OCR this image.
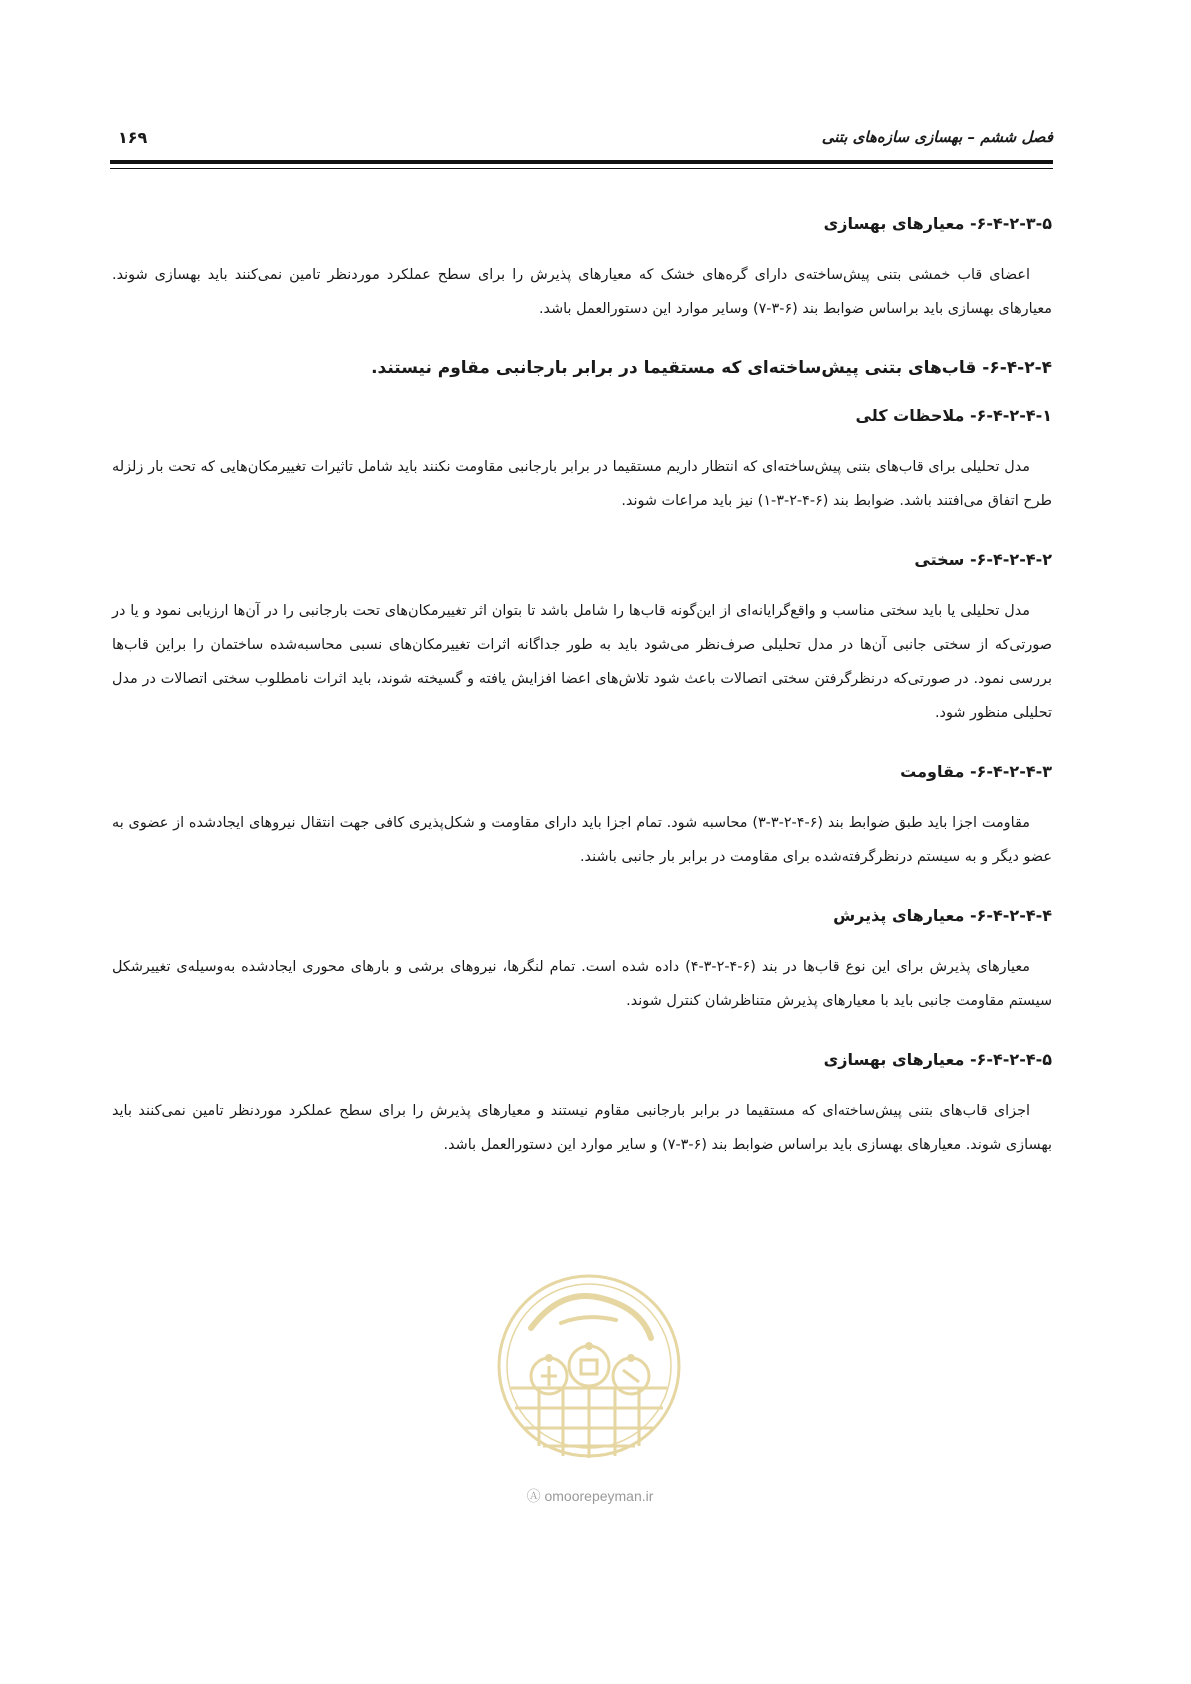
فصل ششم – بهسازی سازه‌های بتنی
۱۶۹
۶-۴-۲-۳-۵- معیارهای بهسازی

اعضای قاب خمشی بتنی پیش‌ساخته‌ی دارای گره‌های خشک که معیارهای پذیرش را برای سطح عملکرد موردنظر تامین نمی‌کنند باید بهسازی شوند. معیارهای بهسازی باید براساس ضوابط بند (۶-۳-۷) وسایر موارد این دستورالعمل باشد.

۶-۴-۲-۴- قاب‌های بتنی پیش‌ساخته‌ای که مستقیما در برابر بارجانبی مقاوم نیستند.
۶-۴-۲-۴-۱- ملاحظات کلی

مدل تحلیلی برای قاب‌های بتنی پیش‌ساخته‌ای که انتظار داریم مستقیما در برابر بارجانبی مقاومت نکنند باید شامل تاثیرات تغییرمکان‌هایی که تحت بار زلزله طرح اتفاق می‌افتند باشد. ضوابط بند (۶-۴-۲-۳-۱) نیز باید مراعات شوند.

۶-۴-۲-۴-۲- سختی

مدل تحلیلی یا باید سختی مناسب و واقع‌گرایانه‌ای از این‌گونه قاب‌ها را شامل باشد تا بتوان اثر تغییرمکان‌های تحت بارجانبی را در آن‌ها ارزیابی نمود و یا در صورتی‌که از سختی جانبی آن‌ها در مدل تحلیلی صرف‌نظر می‌شود باید به طور جداگانه اثرات تغییرمکان‌های نسبی محاسبه‌شده ساختمان را براین قاب‌ها بررسی نمود. در صورتی‌که درنظرگرفتن سختی اتصالات باعث شود تلاش‌های اعضا افزایش یافته و گسیخته شوند، باید اثرات نامطلوب سختی اتصالات در مدل تحلیلی منظور شود.

۶-۴-۲-۴-۳- مقاومت

مقاومت اجزا باید طبق ضوابط بند (۶-۴-۲-۳-۳) محاسبه شود. تمام اجزا باید دارای مقاومت و شکل‌پذیری کافی جهت انتقال نیروهای ایجادشده از عضوی به عضو دیگر و به سیستم درنظرگرفته‌شده برای مقاومت در برابر بار جانبی باشند.

۶-۴-۲-۴-۴- معیارهای پذیرش

معیارهای پذیرش برای این نوع قاب‌ها در بند (۶-۴-۲-۳-۴) داده شده است. تمام لنگرها، نیروهای برشی و بارهای محوری ایجادشده به‌وسیله‌ی تغییرشکل سیستم مقاومت جانبی باید با معیارهای پذیرش متناظرشان کنترل شوند.

۶-۴-۲-۴-۵- معیارهای بهسازی

اجزای قاب‌های بتنی پیش‌ساخته‌ای که مستقیما در برابر بارجانبی مقاوم نیستند و معیارهای پذیرش را برای سطح عملکرد موردنظر تامین نمی‌کنند باید بهسازی شوند. معیارهای بهسازی باید براساس ضوابط بند (۶-۳-۷) و سایر موارد این دستورالعمل باشد.

Ⓐ omoorepeyman.ir
